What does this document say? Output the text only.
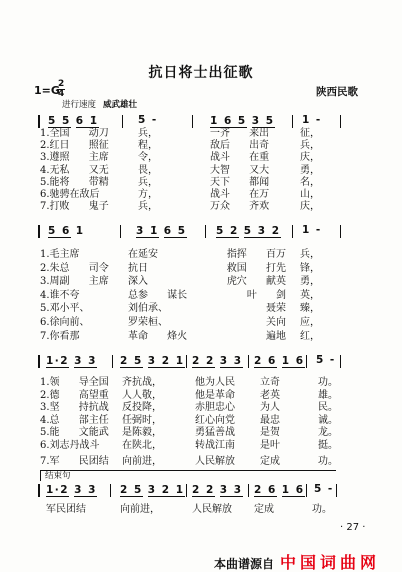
抗日将士出征歌
1=G
2
4	陕西民歌
进行速度 威武雄壮
5 5 6 1̇	5 -	1̇ 6 5 3 5	1 -
1.全国 动刀	兵，	一齐 来出	征，
2.红日 照征	程，	敌后 出奇	兵，
3.遵照 主席	令，	战斗 在重	庆，
4.无私 又无	畏，	大智 又大	勇，
5.能将 带精	兵，	天下 都闻	名，
6.驰骋在敌后	方，	战斗 在万	山，
7.打败 鬼子	兵，	万众 齐欢	庆，
5 6 1	3 1̇ 6 5	5 2 5 3 2	1 -
1.毛主席	在延安	指挥 百万 兵，
2.朱总 司令 抗日	救国 打先 锋，
3.周副 主席 深入	虎穴 献英 勇，
4.谁不夸	总参 谋长	叶 剑 英，
5.邓小平、	刘伯承、	聂荣 臻，
6.徐向前、	罗荣桓、	关向 应，
7.你看那	革命 烽火	遍地 红，
1·2 3 3	2 5 3 2 1 2 2 3 3	2 6 1 6	5 -
1.领 导全国 齐抗战，	他为人民	立奇	功。
2.德 高望重 人人敬，	他是革命	老英	雄。
3.坚 持抗战 反投降，	赤胆忠心	为人	民。
4.总 部主任 任弼时，	红心向党	最忠	诚。
5.能 文能武 是陈毅，	勇猛善战	是贺	龙。
6.刘志丹战斗 在陕北，	转战江南	是叶	挺。
7.军 民团结 向前进，	人民解放	定成	功。
1·2 3 3	2 5 3 2 1 2 2 3 3	2 6 1 6 5 -
军民团结	向前进，	人民解放 定成	功。
结束句
· 27 ·
本曲谱源自 中国词曲网
